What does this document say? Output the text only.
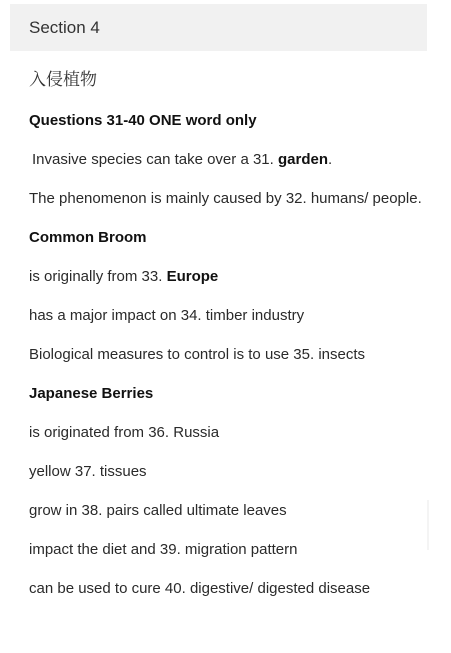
Section 4
入侵植物
Questions 31-40 ONE word only
Invasive species can take over a 31. garden.
The phenomenon is mainly caused by 32. humans/ people.
Common Broom
is originally from 33. Europe
has a major impact on 34. timber industry
Biological measures to control is to use 35. insects
Japanese Berries
is originated from 36. Russia
yellow 37. tissues
grow in 38. pairs called ultimate leaves
impact the diet and 39. migration pattern
can be used to cure 40. digestive/ digested disease
